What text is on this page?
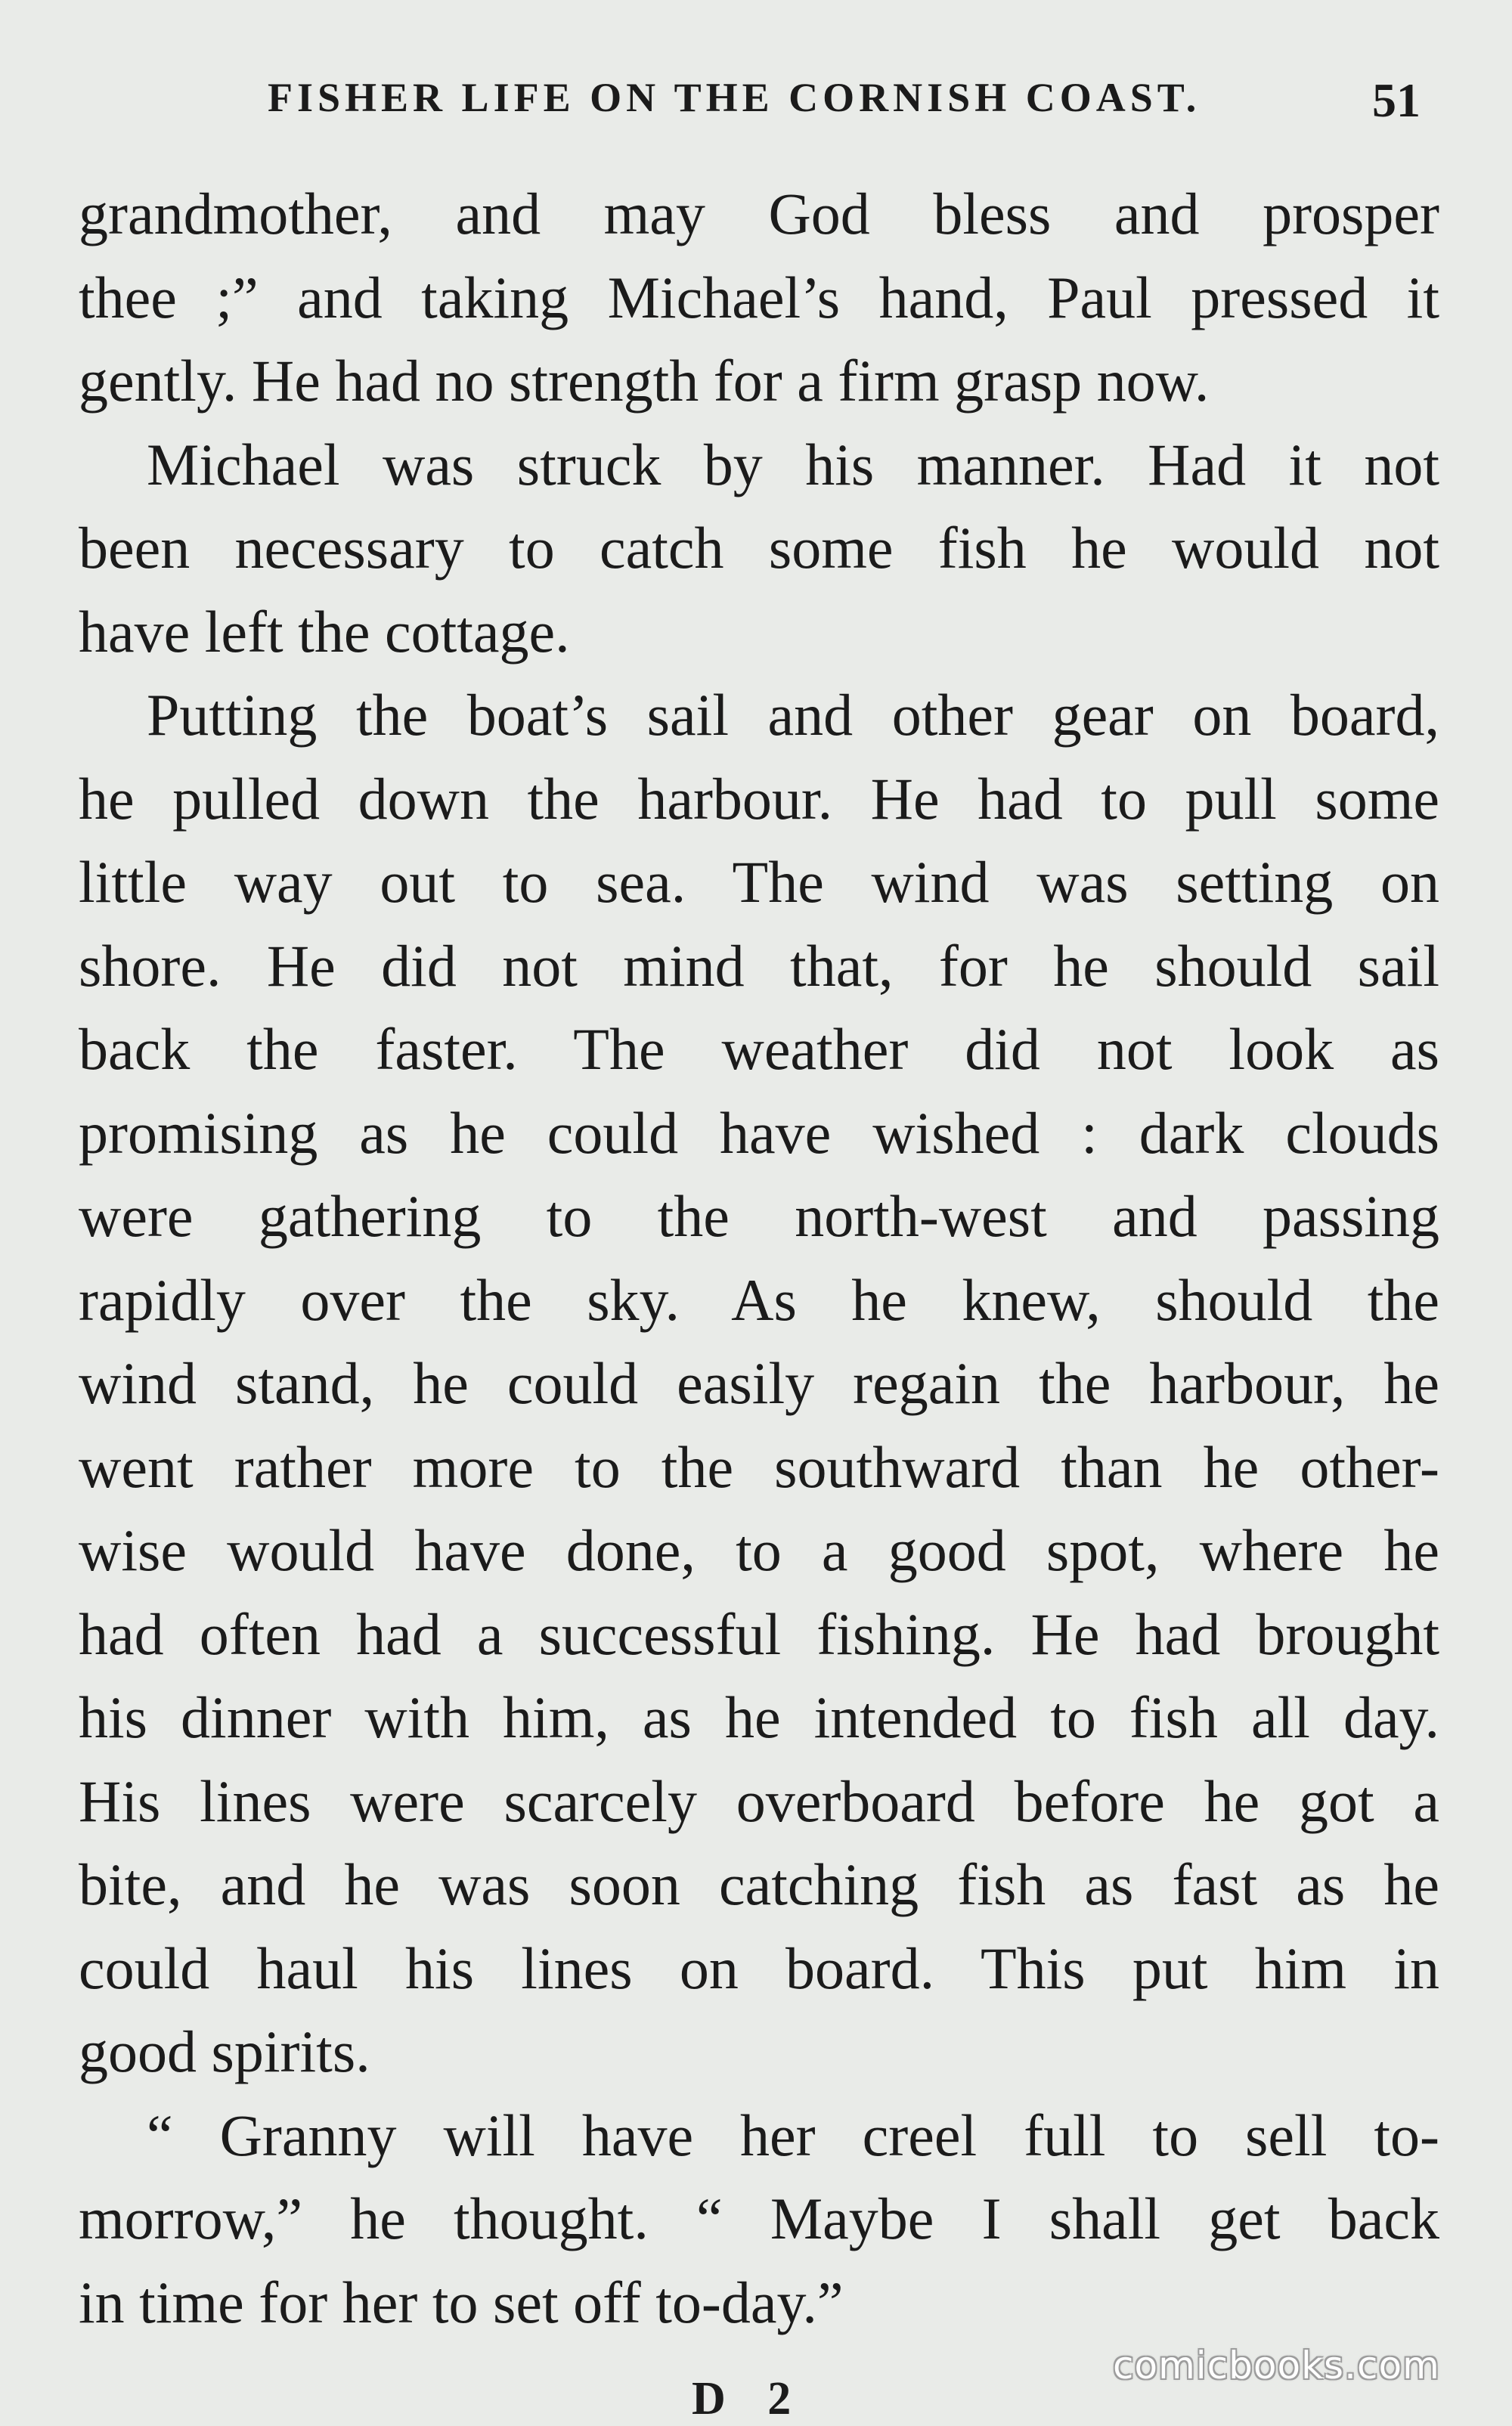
FISHER LIFE ON THE CORNISH COAST.	51
grandmother, and may God bless and prosper
thee ;” and taking Michael’s hand, Paul pressed it
gently. He had no strength for a firm grasp now.
Michael was struck by his manner. Had it not
been necessary to catch some fish he would not
have left the cottage.
Putting the boat’s sail and other gear on board,
he pulled down the harbour. He had to pull some
little way out to sea. The wind was setting on
shore. He did not mind that, for he should sail
back the faster. The weather did not look as
promising as he could have wished : dark clouds
were gathering to the north-west and passing
rapidly over the sky. As he knew, should the
wind stand, he could easily regain the harbour, he
went rather more to the southward than he other-
wise would have done, to a good spot, where he
had often had a successful fishing. He had brought
his dinner with him, as he intended to fish all day.
His lines were scarcely overboard before he got a
bite, and he was soon catching fish as fast as he
could haul his lines on board. This put him in
good spirits.
“ Granny will have her creel full to sell to-
morrow,” he thought. “ Maybe I shall get back
in time for her to set off to-day.”
D 2
comicbooks.com
